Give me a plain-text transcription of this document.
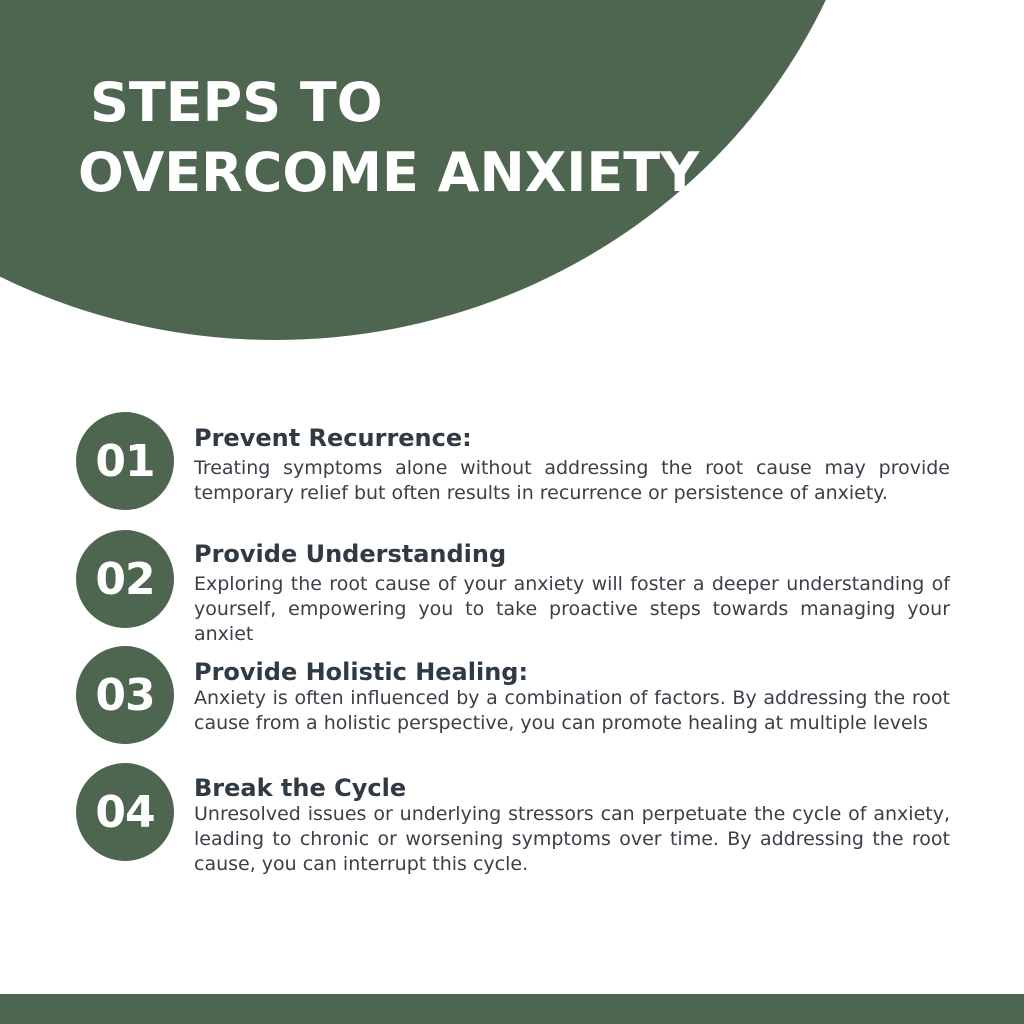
STEPS TO
OVERCOME ANXIETY
01	Prevent Recurrence:

Treating symptoms alone without addressing the root cause may provide temporary relief but often results in recurrence or persistence of anxiety.

02	Provide Understanding

Exploring the root cause of your anxiety will foster a deeper understanding of yourself, empowering you to take proactive steps towards managing your anxiet

03	Provide Holistic Healing:

Anxiety is often influenced by a combination of factors. By addressing the root cause from a holistic perspective, you can promote healing at multiple levels

04	Break the Cycle

Unresolved issues or underlying stressors can perpetuate the cycle of anxiety, leading to chronic or worsening symptoms over time. By addressing the root cause, you can interrupt this cycle.
